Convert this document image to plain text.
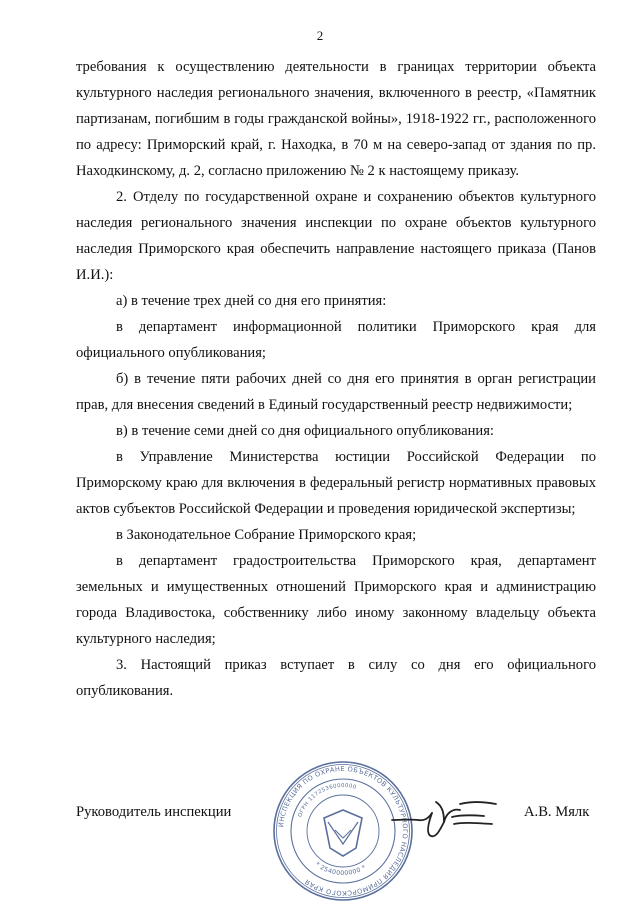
2

требования к осуществлению деятельности в границах территории объекта культурного наследия регионального значения, включенного в реестр, «Памятник партизанам, погибшим в годы гражданской войны», 1918-1922 гг., расположенного по адресу: Приморский край, г. Находка, в 70 м на северо-запад от здания по пр. Находкинскому, д. 2, согласно приложению № 2 к настоящему приказу.

2. Отделу по государственной охране и сохранению объектов культурного наследия регионального значения инспекции по охране объектов культурного наследия Приморского края обеспечить направление настоящего приказа (Панов И.И.):

а) в течение трех дней со дня его принятия:

в департамент информационной политики Приморского края для официального опубликования;

б) в течение пяти рабочих дней со дня его принятия в орган регистрации прав, для внесения сведений в Единый государственный реестр недвижимости;

в) в течение семи дней со дня официального опубликования:

в Управление Министерства юстиции Российской Федерации по Приморскому краю для включения в федеральный регистр нормативных правовых актов субъектов Российской Федерации и проведения юридической экспертизы;

в Законодательное Собрание Приморского края;

в департамент градостроительства Приморского края, департамент земельных и имущественных отношений Приморского края и администрацию города Владивостока, собственнику либо иному законному владельцу объекта культурного наследия;

3. Настоящий приказ вступает в силу со дня его официального опубликования.

Руководитель инспекции
ИНСПЕКЦИЯ ПО ОХРАНЕ ОБЪЕКТОВ КУЛЬТУРНОГО НАСЛЕДИЯ ПРИМОРСКОГО КРАЯ
ОГРН 1172536000000
* 2540000000 *
А.В. Мялк
